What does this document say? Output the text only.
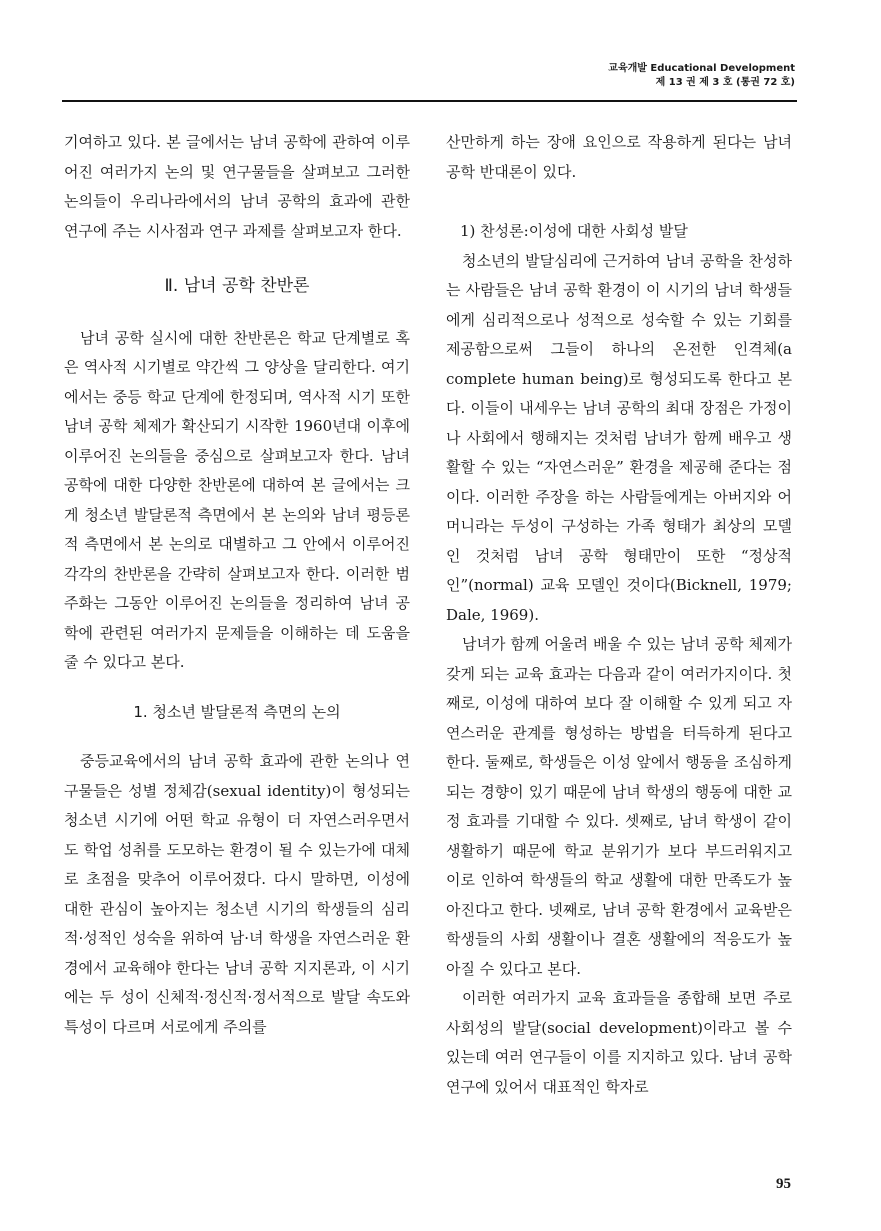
교육개발 Educational Development
제 13 권 제 3 호 (통권 72 호)

기여하고 있다. 본 글에서는 남녀 공학에 관하여 이루어진 여러가지 논의 및 연구물들을 살펴보고 그러한 논의들이 우리나라에서의 남녀 공학의 효과에 관한 연구에 주는 시사점과 연구 과제를 살펴보고자 한다.

Ⅱ. 남녀 공학 찬반론

남녀 공학 실시에 대한 찬반론은 학교 단계별로 혹은 역사적 시기별로 약간씩 그 양상을 달리한다. 여기에서는 중등 학교 단계에 한정되며, 역사적 시기 또한 남녀 공학 체제가 확산되기 시작한 1960년대 이후에 이루어진 논의들을 중심으로 살펴보고자 한다. 남녀 공학에 대한 다양한 찬반론에 대하여 본 글에서는 크게 청소년 발달론적 측면에서 본 논의와 남녀 평등론적 측면에서 본 논의로 대별하고 그 안에서 이루어진 각각의 찬반론을 간략히 살펴보고자 한다. 이러한 범주화는 그동안 이루어진 논의들을 정리하여 남녀 공학에 관련된 여러가지 문제들을 이해하는 데 도움을 줄 수 있다고 본다.

1. 청소년 발달론적 측면의 논의

중등교육에서의 남녀 공학 효과에 관한 논의나 연구물들은 성별 정체감(sexual identity)이 형성되는 청소년 시기에 어떤 학교 유형이 더 자연스러우면서도 학업 성취를 도모하는 환경이 될 수 있는가에 대체로 초점을 맞추어 이루어졌다. 다시 말하면, 이성에 대한 관심이 높아지는 청소년 시기의 학생들의 심리적·성적인 성숙을 위하여 남·녀 학생을 자연스러운 환경에서 교육해야 한다는 남녀 공학 지지론과, 이 시기에는 두 성이 신체적·정신적·정서적으로 발달 속도와 특성이 다르며 서로에게 주의를

산만하게 하는 장애 요인으로 작용하게 된다는 남녀공학 반대론이 있다.

1) 찬성론:이성에 대한 사회성 발달

청소년의 발달심리에 근거하여 남녀 공학을 찬성하는 사람들은 남녀 공학 환경이 이 시기의 남녀 학생들에게 심리적으로나 성적으로 성숙할 수 있는 기회를 제공함으로써 그들이 하나의 온전한 인격체(a complete human being)로 형성되도록 한다고 본다. 이들이 내세우는 남녀 공학의 최대 장점은 가정이나 사회에서 행해지는 것처럼 남녀가 함께 배우고 생활할 수 있는 “자연스러운” 환경을 제공해 준다는 점이다. 이러한 주장을 하는 사람들에게는 아버지와 어머니라는 두성이 구성하는 가족 형태가 최상의 모델인 것처럼 남녀 공학 형태만이 또한 “정상적인”(normal) 교육 모델인 것이다(Bicknell, 1979; Dale, 1969).

남녀가 함께 어울려 배울 수 있는 남녀 공학 체제가 갖게 되는 교육 효과는 다음과 같이 여러가지이다. 첫째로, 이성에 대하여 보다 잘 이해할 수 있게 되고 자연스러운 관계를 형성하는 방법을 터득하게 된다고 한다. 둘째로, 학생들은 이성 앞에서 행동을 조심하게 되는 경향이 있기 때문에 남녀 학생의 행동에 대한 교정 효과를 기대할 수 있다. 셋째로, 남녀 학생이 같이 생활하기 때문에 학교 분위기가 보다 부드러워지고 이로 인하여 학생들의 학교 생활에 대한 만족도가 높아진다고 한다. 넷째로, 남녀 공학 환경에서 교육받은 학생들의 사회 생활이나 결혼 생활에의 적응도가 높아질 수 있다고 본다.

이러한 여러가지 교육 효과들을 종합해 보면 주로 사회성의 발달(social development)이라고 볼 수 있는데 여러 연구들이 이를 지지하고 있다. 남녀 공학 연구에 있어서 대표적인 학자로

95
